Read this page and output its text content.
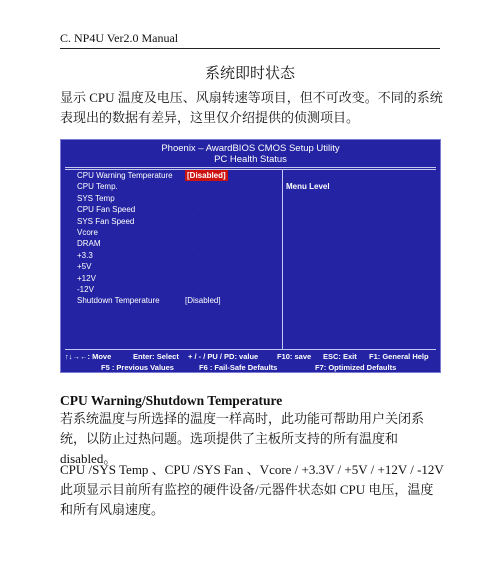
C. NP4U Ver2.0 Manual
系统即时状态
显示 CPU 温度及电压、风扇转速等项目，但不可改变。不同的系统表现出的数据有差异，这里仅介绍提供的侦测项目。
Phoenix – AwardBIOS CMOS Setup Utility
PC Health Status
CPU Warning Temperature [Disabled]
CPU Temp.	·
SYS Temp	·
CPU Fan Speed	·
SYS Fan Speed	·
Vcore	·
DRAM	·
+3.3	·
+5V	·
+12V	·
-12V	·
Shutdown Temperature	[Disabled]
Menu Level
↑↓→←: Move	Enter: Select + / - / PU / PD: value	F10: save ESC: Exit F1: General Help
F5 : Previous Values	F6 : Fail-Safe Defaults	F7: Optimized Defaults
CPU Warning/Shutdown Temperature
若系统温度与所选择的温度一样高时，此功能可帮助用户关闭系统，以防止过热问题。选项提供了主板所支持的所有温度和 disabled。
CPU /SYS Temp 、CPU /SYS Fan 、Vcore / +3.3V / +5V / +12V / -12V
此项显示目前所有监控的硬件设备/元器件状态如 CPU 电压，温度和所有风扇速度。
